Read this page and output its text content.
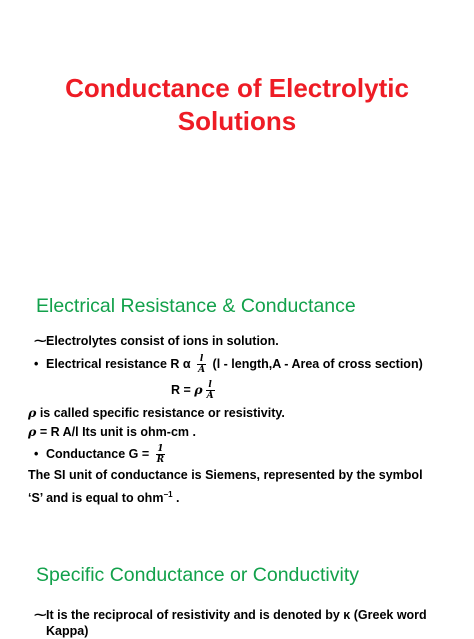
Conductance of Electrolytic
Solutions
Electrical Resistance & Conductance
⁓Electrolytes consist of ions in solution.
• Electrical resistance R α $\frac{l}{A} (l$ - length,A - Area of cross section)
R = ρ $\frac{l}{A}$
ρ is called specific resistance or resistivity.
ρ = R A/l Its unit is ohm-cm .
• Conductance $G = \frac{1}{R}$
The SI unit of conductance is Siemens, represented by the symbol
‘S’ and is equal to ohm$^{-1}$ .
Specific Conductance or Conductivity
⁓It is the reciprocal of resistivity and is denoted by κ (Greek word
Kappa)
